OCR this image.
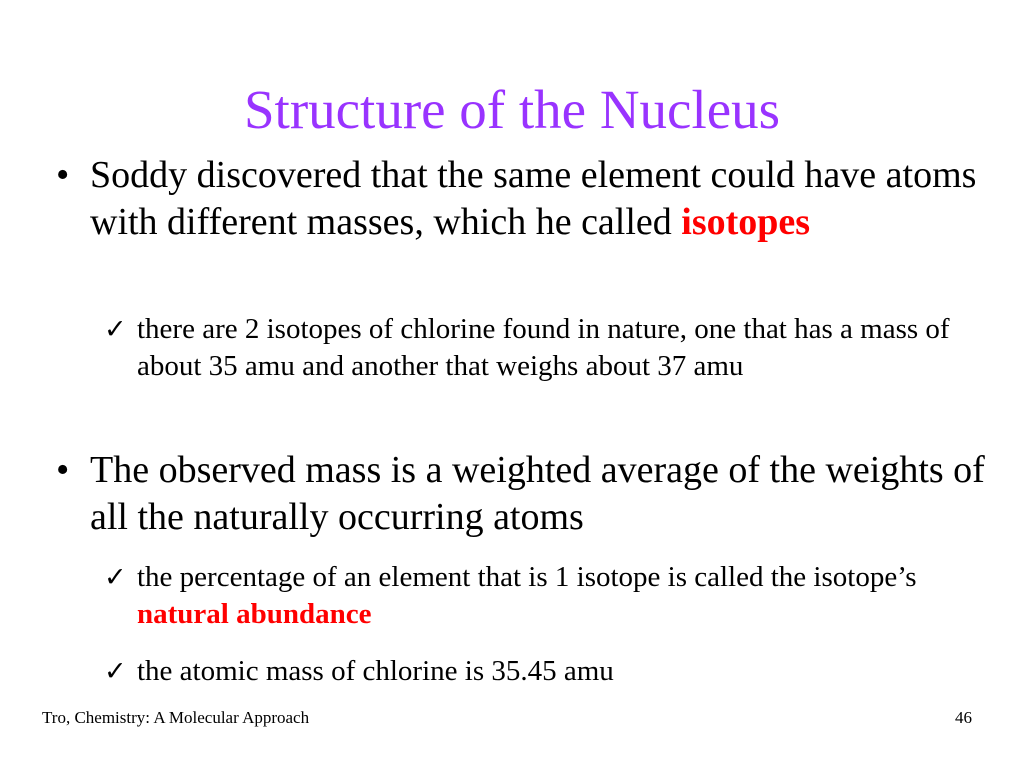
Structure of the Nucleus
• Soddy discovered that the same element could have atoms with different masses, which he called isotopes
✓ there are 2 isotopes of chlorine found in nature, one that has a mass of about 35 amu and another that weighs about 37 amu
• The observed mass is a weighted average of the weights of all the naturally occurring atoms
✓ the percentage of an element that is 1 isotope is called the isotope’s natural abundance
✓ the atomic mass of chlorine is 35.45 amu
Tro, Chemistry: A Molecular Approach	46
